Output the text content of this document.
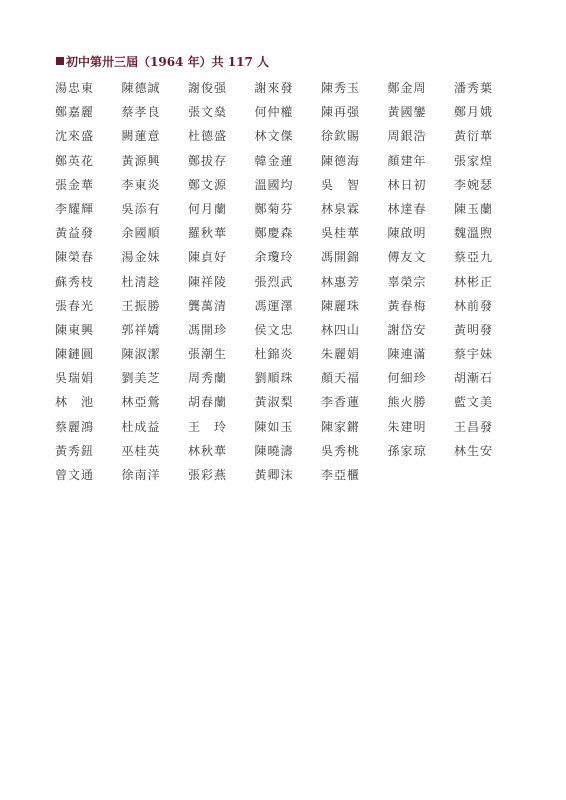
初中第卅三屆（1964 年）共 117 人
湯忠東	陳德誠	謝俊强	謝來發	陳秀玉	鄭金周	潘秀葉
鄭嘉麗	蔡孝良	張文燊	何仲權	陳再强	黃國鑾	鄭月娥
沈來盛	闕蓮意	杜德盛	林文傑	徐欽賜	周銀浩	黃衍華
鄭英花	黃源興	鄭拔存	韓金蓮	陳德海	顏建年	張家煌
張金華	李東炎	鄭文源	溫國均	吳　智	林日初	李婉瑟
李耀輝	吳添有	何月蘭	鄭菊芬	林泉霖	林達春	陳玉蘭
黃益發	余國順	羅秋華	鄭慶森	吳桂華	陳啟明	魏溫煦
陳榮春	湯金妹	陳貞好	余瓊玲	馮開錦	傅友文	蔡亞九
蘇秀枝	杜清趁	陳祥陵	張烈武	林惠芳	辜榮宗	林彬正
張春光	王振勝	龔萬清	馮運澤	陳麗珠	黃春梅	林前發
陳東興	郭祥嬌	馮開珍	侯文忠	林四山	謝岱安	黃明發
陳鏈圓	陳淑潔	張潮生	杜錦炎	朱麗娟	陳連滿	蔡宇妹
吳瑞娟	劉美芝	周秀蘭	劉順珠	顏天福	何細珍	胡漸石
林　池	林亞鶯	胡春蘭	黃淑梨	李香蓮	熊火勝	藍文美
蔡麗鴻	杜成益	王　玲	陳如玉	陳家鏘	朱建明	王昌發
黃秀鈕	巫桂英	林秋華	陳曉濤	吳秀桃	孫家琼	林生安
曾文通	徐南洋	張彩燕	黃卿沫	李亞櫃
